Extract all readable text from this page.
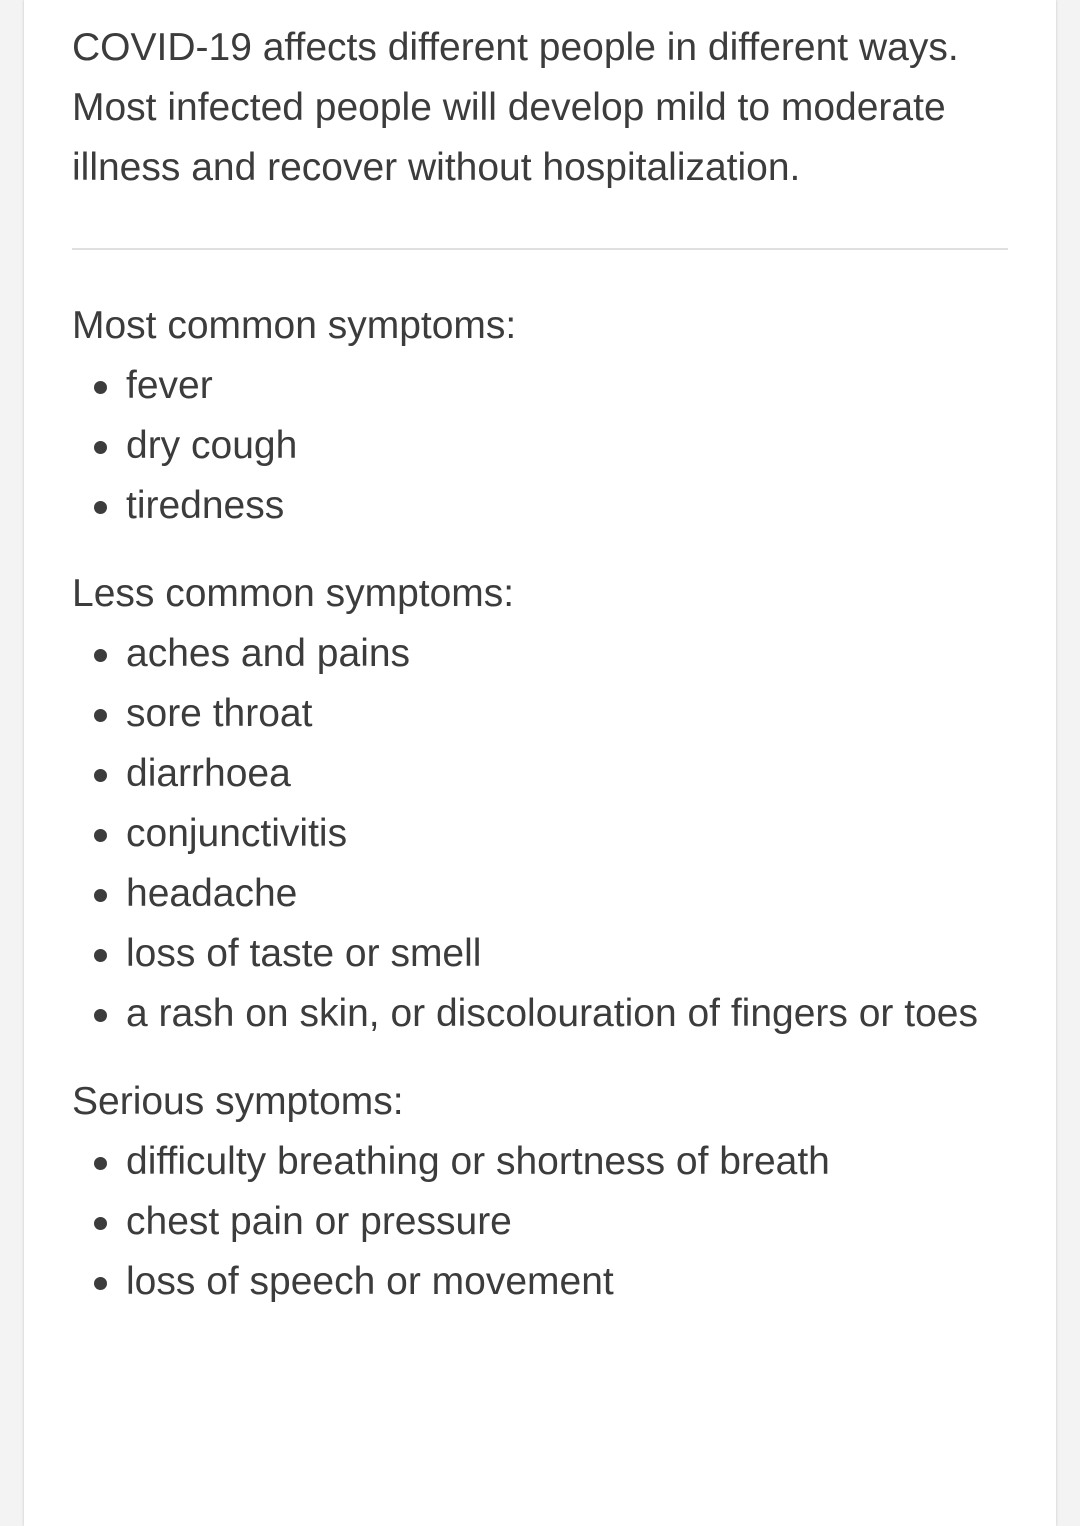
COVID-19 affects different people in different ways. Most infected people will develop mild to moderate illness and recover without hospitalization.

Most common symptoms:
fever
dry cough
tiredness
Less common symptoms:
aches and pains
sore throat
diarrhoea
conjunctivitis
headache
loss of taste or smell
a rash on skin, or discolouration of fingers or toes
Serious symptoms:
difficulty breathing or shortness of breath
chest pain or pressure
loss of speech or movement
